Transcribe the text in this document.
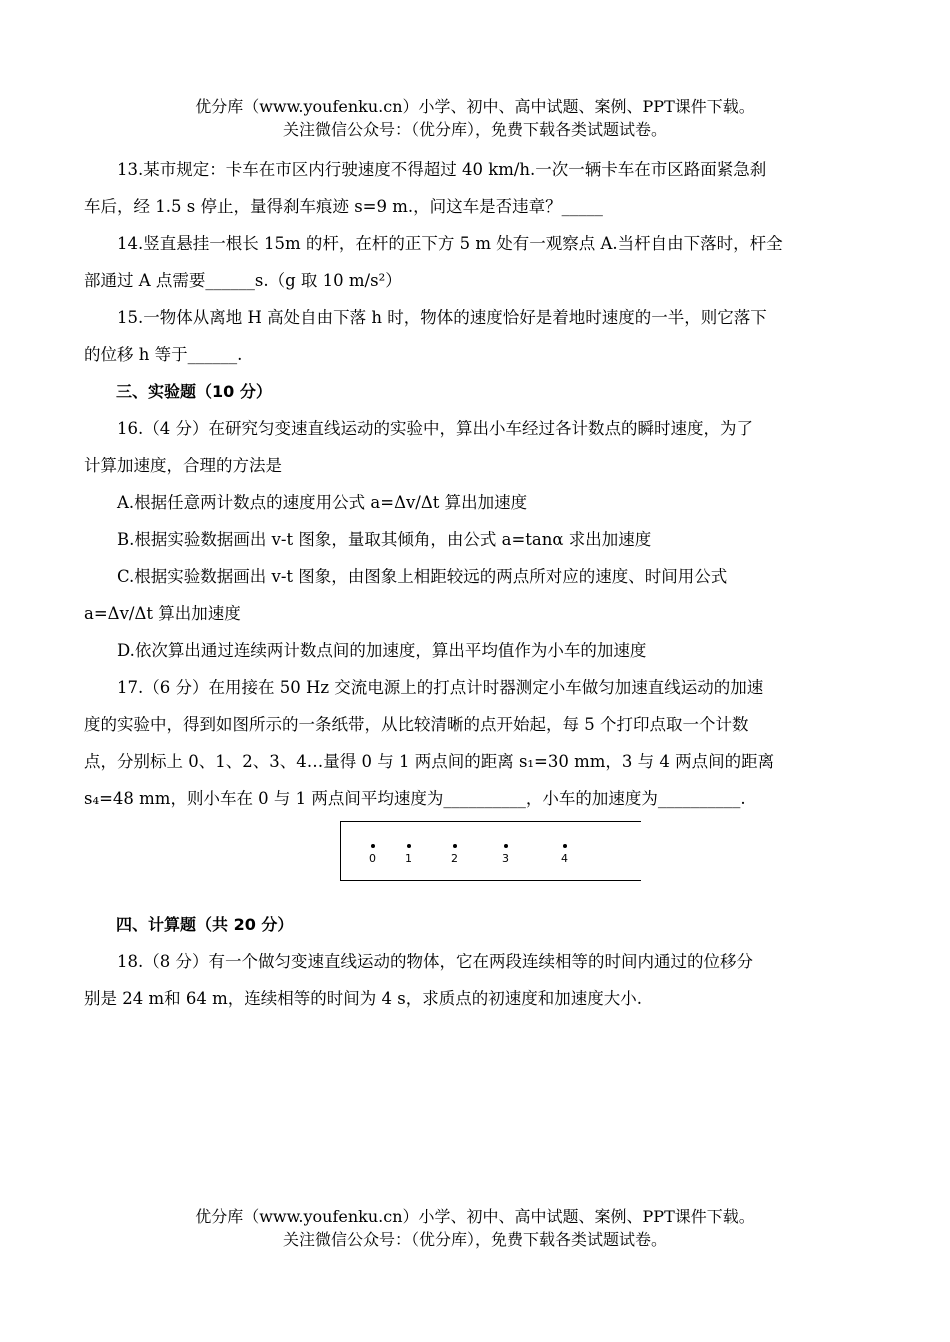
优分库（www.youfenku.cn）小学、初中、高中试题、案例、PPT课件下载。
关注微信公众号：（优分库），免费下载各类试题试卷。

13.某市规定：卡车在市区内行驶速度不得超过 40 km/h.一次一辆卡车在市区路面紧急刹

车后，经 1.5 s 停止，量得刹车痕迹 s=9 m.，问这车是否违章？_____

14.竖直悬挂一根长 15m 的杆，在杆的正下方 5 m 处有一观察点 A.当杆自由下落时，杆全

部通过 A 点需要______s.（g 取 10 m/s²）

15.一物体从离地 H 高处自由下落 h 时，物体的速度恰好是着地时速度的一半，则它落下

的位移 h 等于______.

三、实验题（10 分）

16.（4 分）在研究匀变速直线运动的实验中，算出小车经过各计数点的瞬时速度，为了

计算加速度，合理的方法是

A.根据任意两计数点的速度用公式 a=Δv/Δt 算出加速度

B.根据实验数据画出 v-t 图象，量取其倾角，由公式 a=tanα 求出加速度

C.根据实验数据画出 v-t 图象，由图象上相距较远的两点所对应的速度、时间用公式

a=Δv/Δt 算出加速度

D.依次算出通过连续两计数点间的加速度，算出平均值作为小车的加速度

17.（6 分）在用接在 50 Hz 交流电源上的打点计时器测定小车做匀加速直线运动的加速

度的实验中，得到如图所示的一条纸带，从比较清晰的点开始起，每 5 个打印点取一个计数

点，分别标上 0、1、2、3、4…量得 0 与 1 两点间的距离 s₁=30 mm，3 与 4 两点间的距离

s₄=48 mm，则小车在 0 与 1 两点间平均速度为__________，小车的加速度为__________.

0	1	2	3	4

四、计算题（共 20 分）

18.（8 分）有一个做匀变速直线运动的物体，它在两段连续相等的时间内通过的位移分

别是 24 m和 64 m，连续相等的时间为 4 s，求质点的初速度和加速度大小.

优分库（www.youfenku.cn）小学、初中、高中试题、案例、PPT课件下载。
关注微信公众号：（优分库），免费下载各类试题试卷。
